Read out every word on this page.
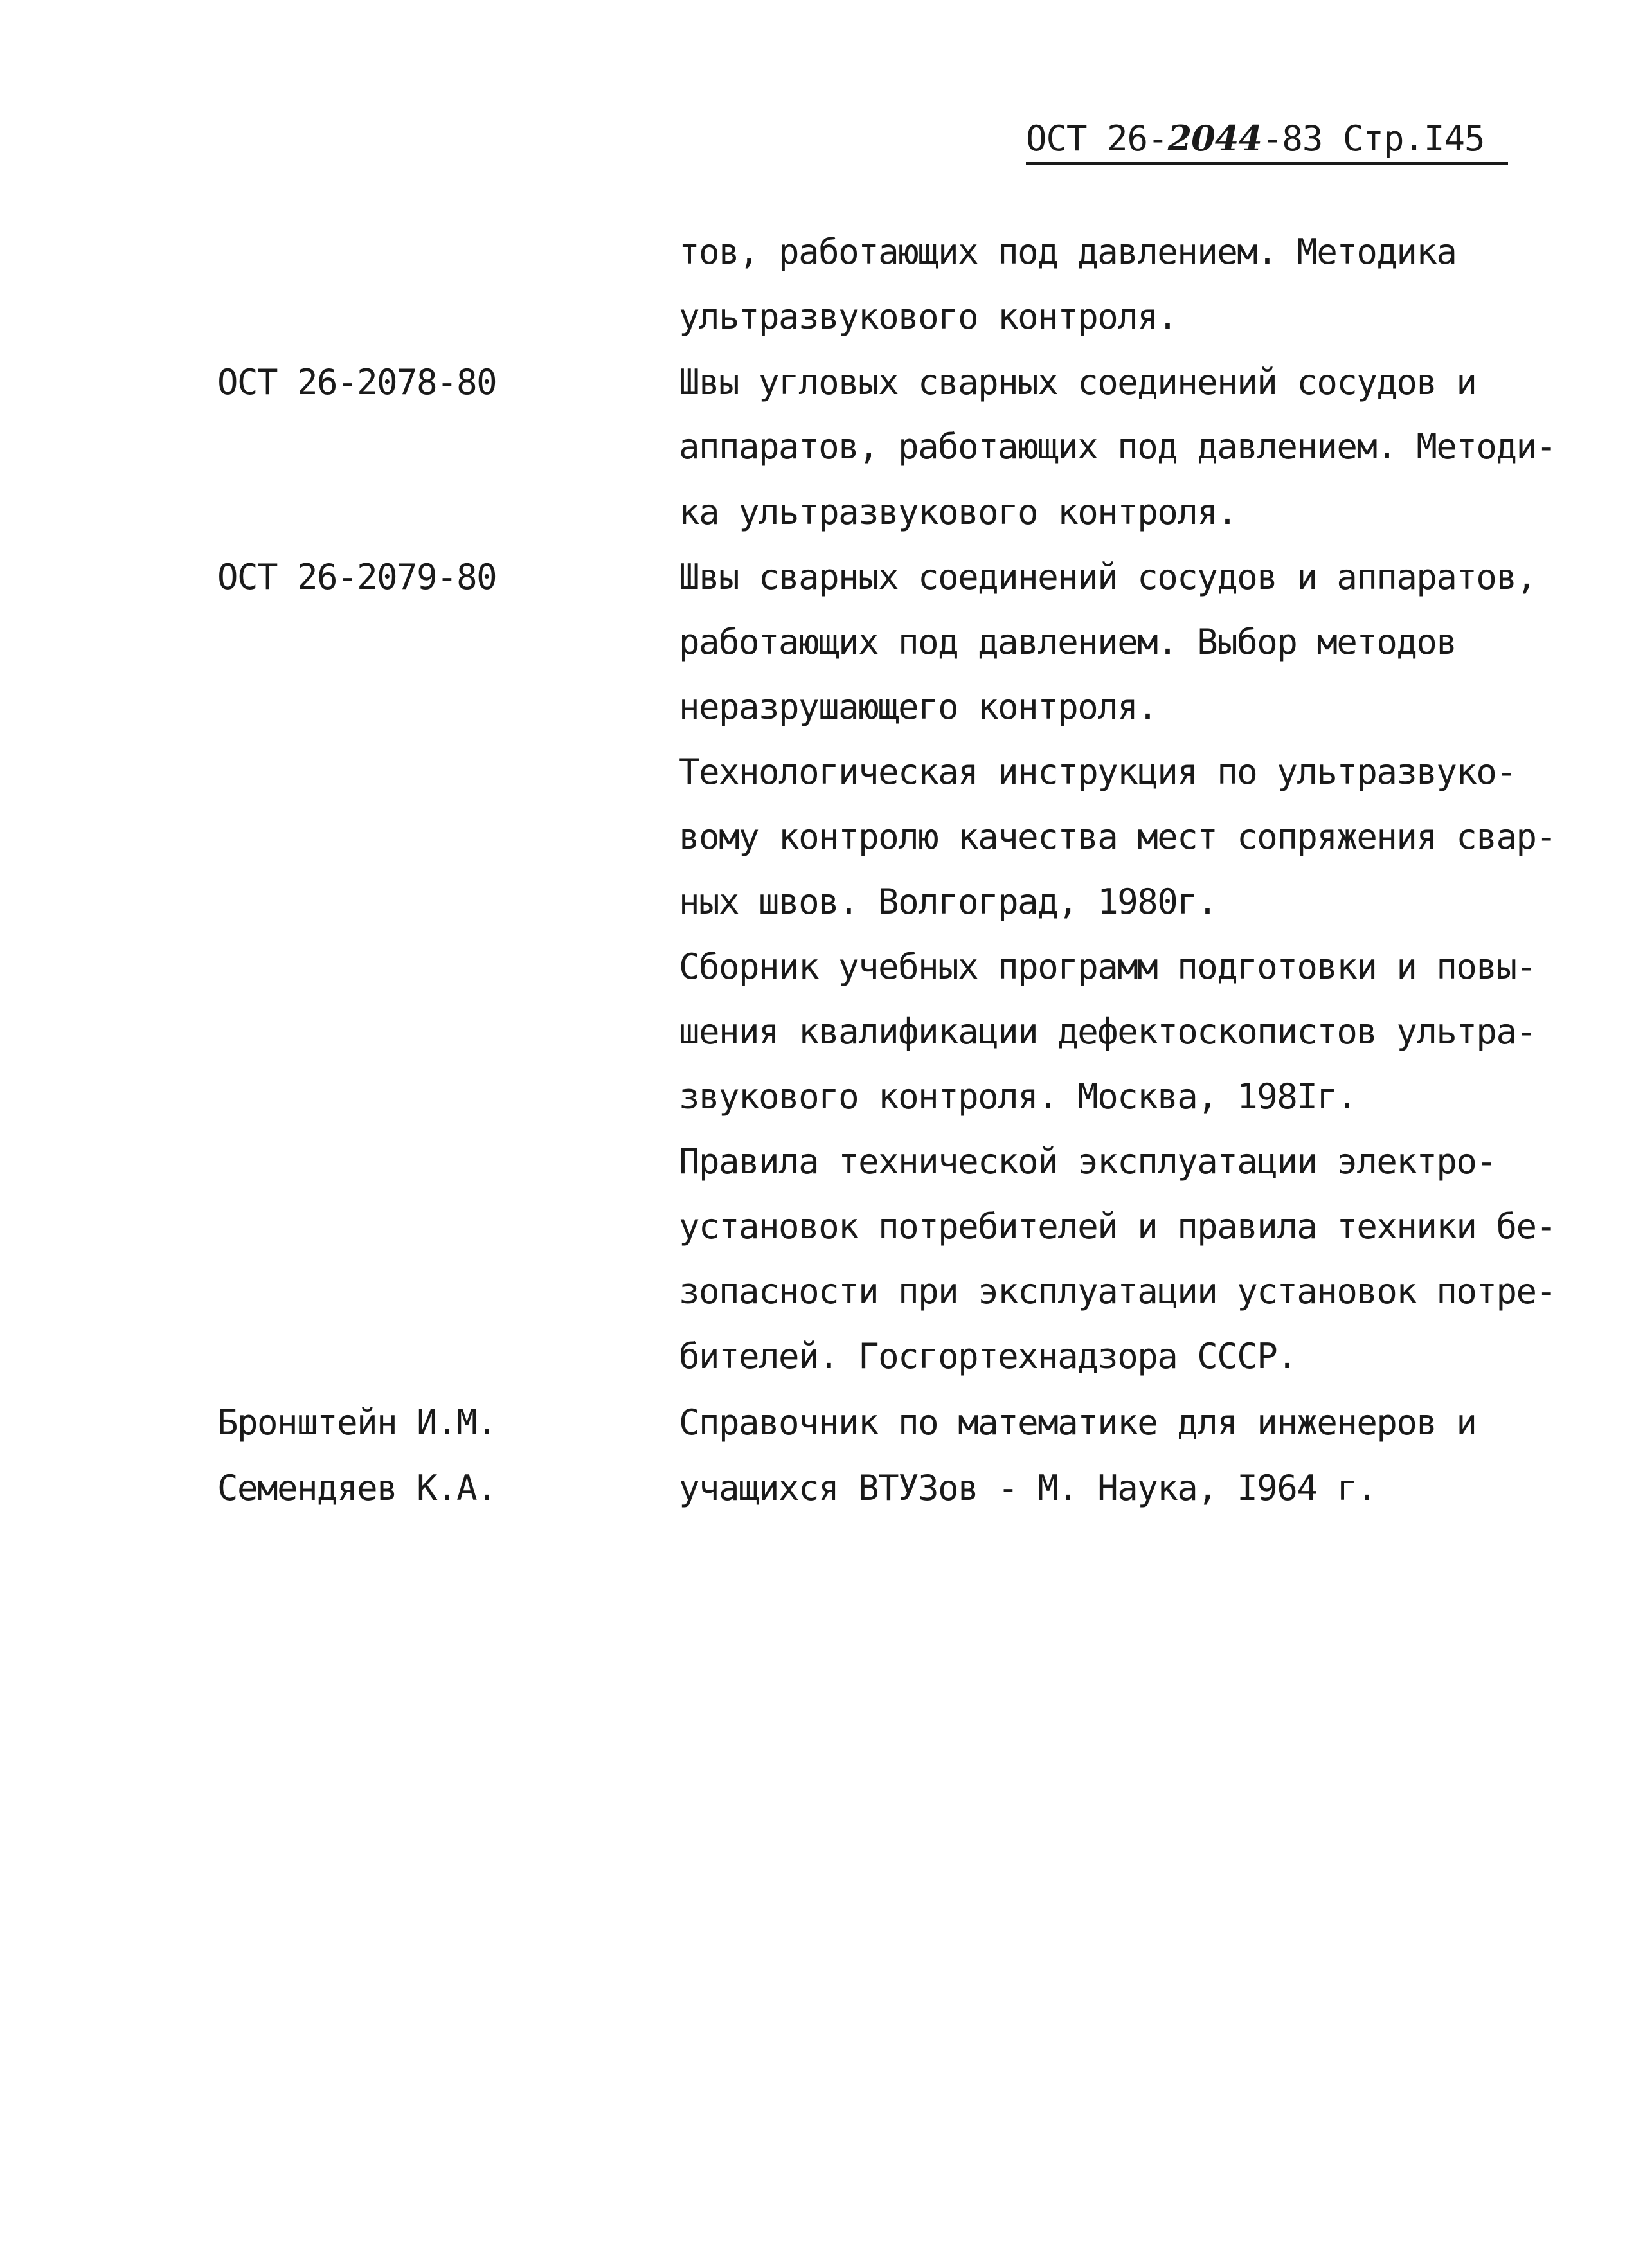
ОСТ 26-2044-83 Стр.I45
ОСТ 26-2078-80
ОСТ 26-2079-80
Бронштейн И.М.
Семендяев К.А.
тов, работающих под давлением. Методика
ультразвукового контроля.
Швы угловых сварных соединений сосудов и
аппаратов, работающих под давлением. Методи-
ка ультразвукового контроля.
Швы сварных соединений сосудов и аппаратов,
работающих под давлением. Выбор методов
неразрушающего контроля.
Технологическая инструкция по ультразвуко-
вому контролю качества мест сопряжения свар-
ных швов. Волгоград, 1980г.
Сборник учебных программ подготовки и повы-
шения квалификации дефектоскопистов ультра-
звукового контроля. Москва, 198Iг.
Правила технической эксплуатации электро-
установок потребителей и правила техники бе-
зопасности при эксплуатации установок потре-
бителей. Госгортехнадзора СССР.
Справочник по математике для инженеров и
учащихся ВТУЗов - М. Наука, I964 г.
